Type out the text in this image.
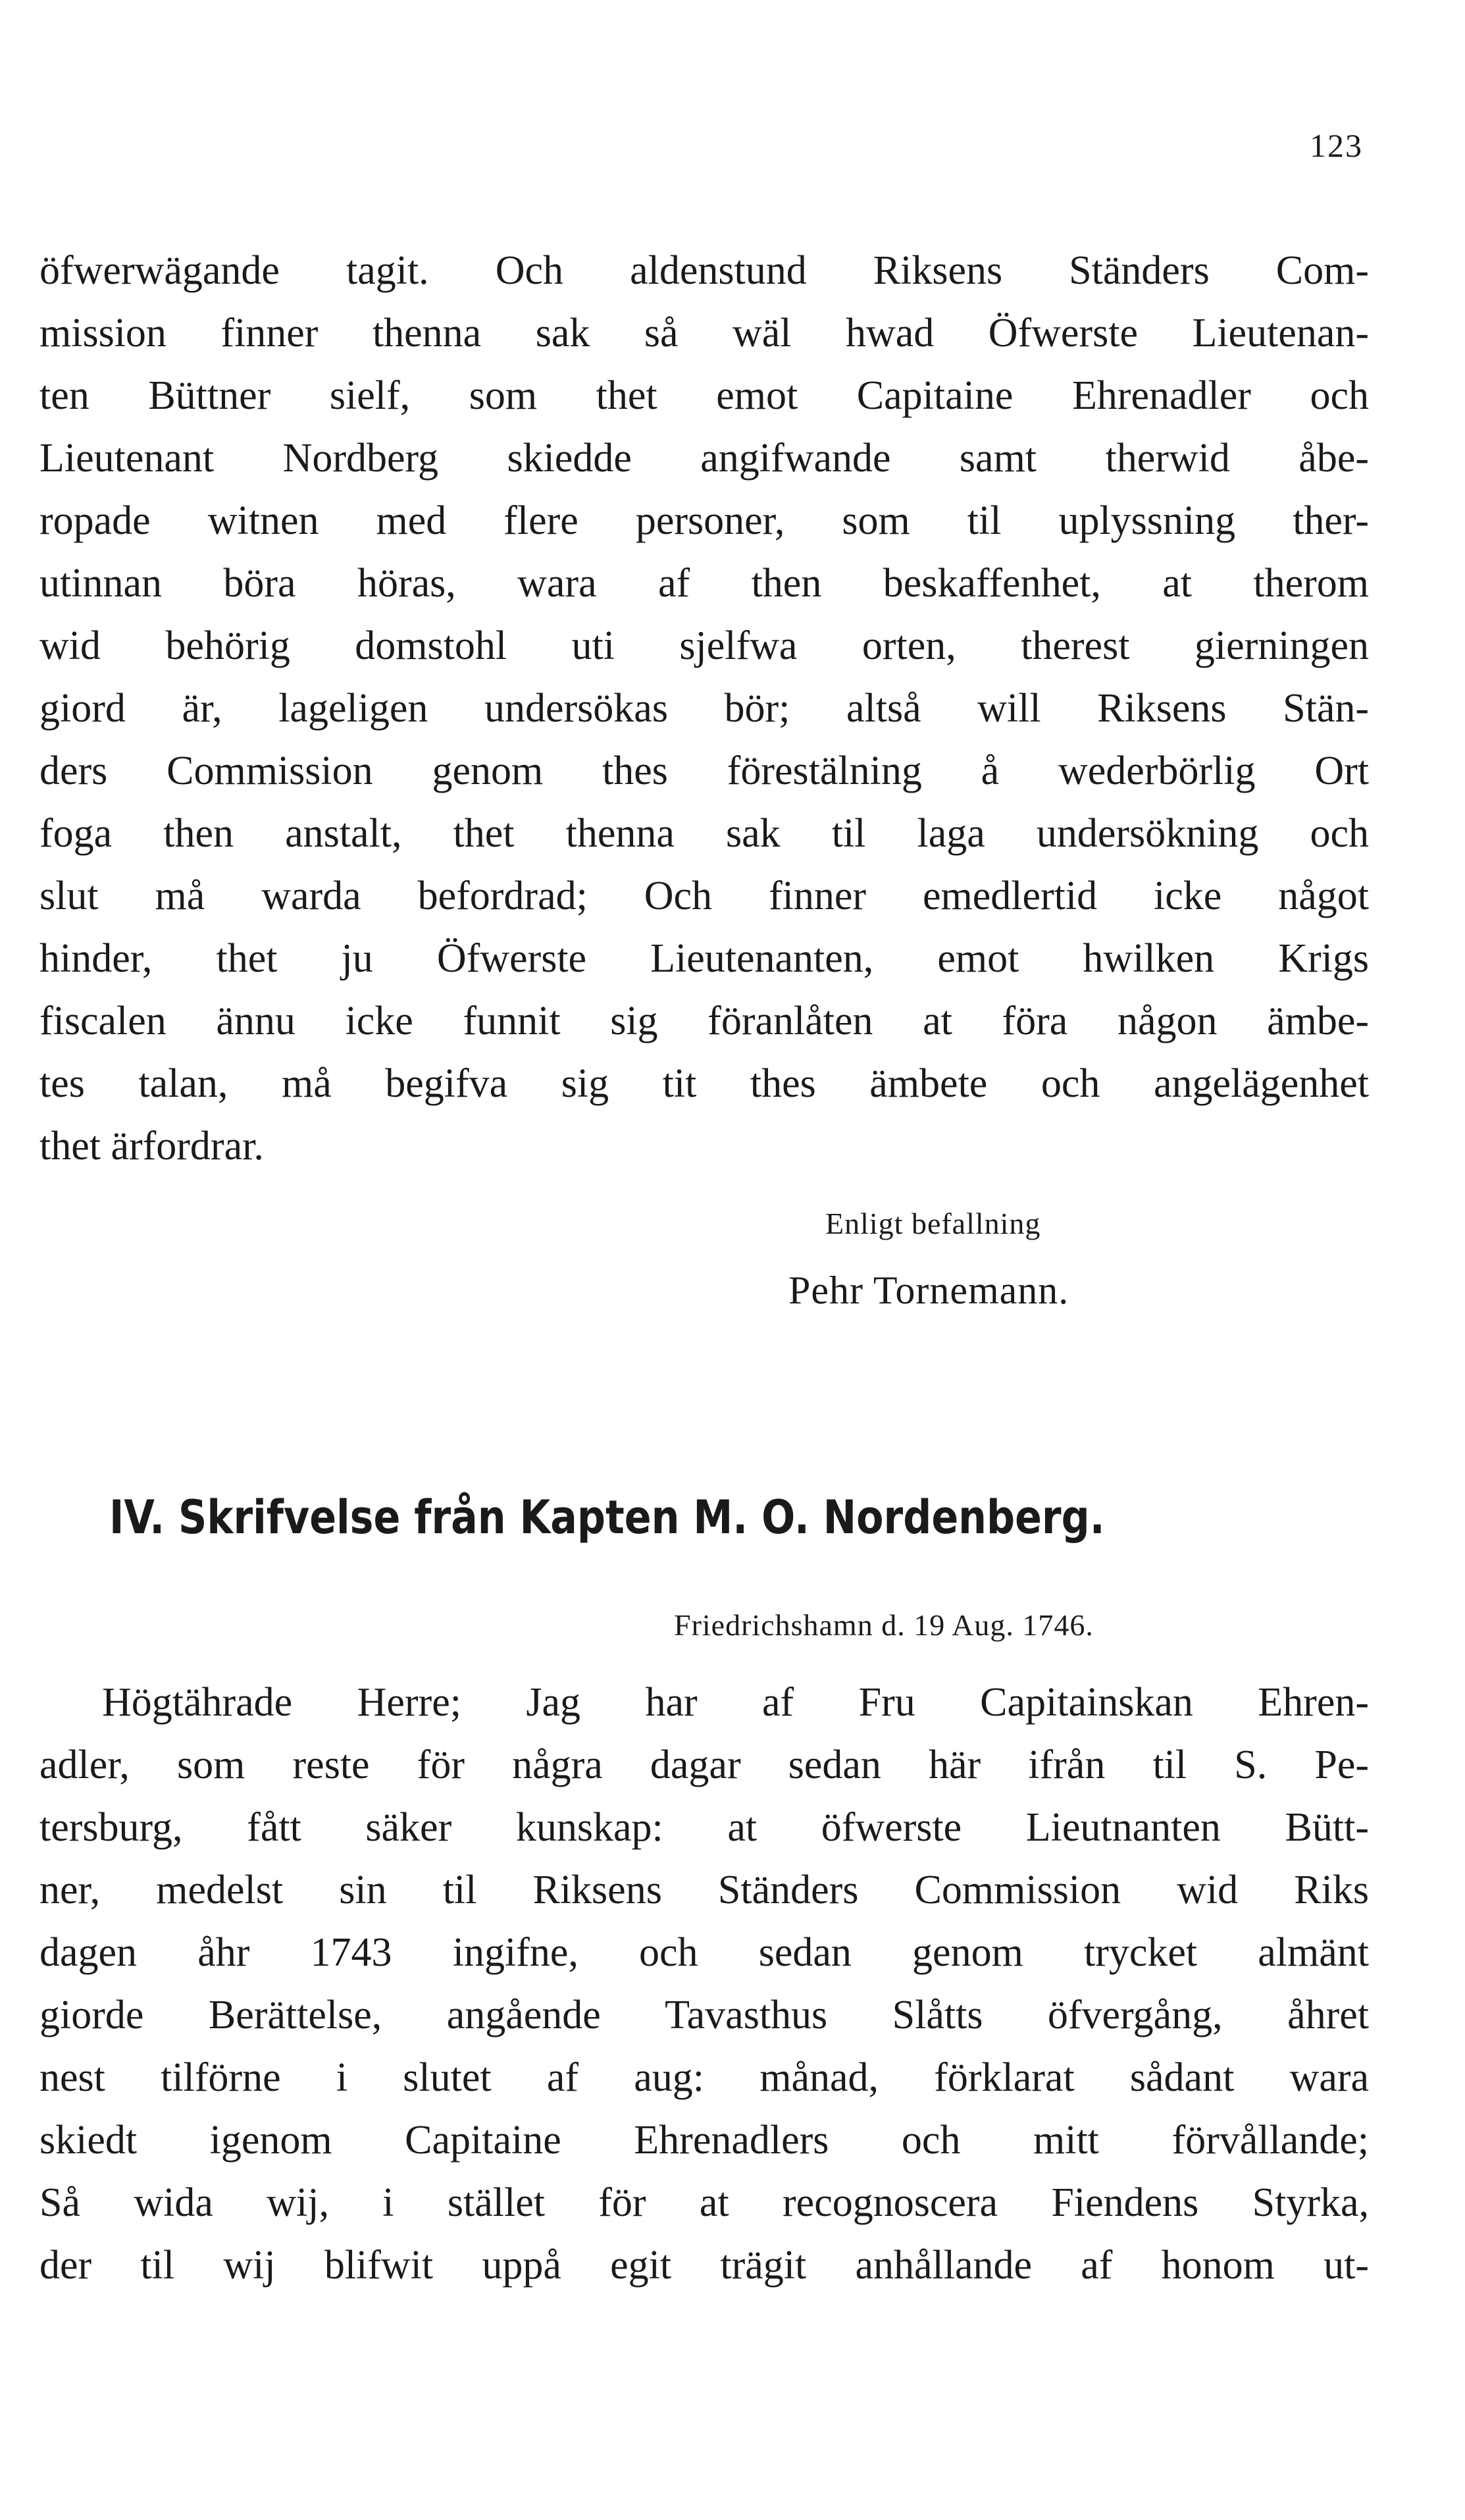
123
öfwerwägande tagit. Och aldenstund Riksens Ständers Com-
mission finner thenna sak så wäl hwad Öfwerste Lieutenan-
ten Büttner sielf, som thet emot Capitaine Ehrenadler och
Lieutenant Nordberg skiedde angifwande samt therwid åbe-
ropade witnen med flere personer, som til uplyssning ther-
utinnan böra höras, wara af then beskaffenhet, at therom
wid behörig domstohl uti sjelfwa orten, therest gierningen
giord är, lageligen undersökas bör; altså will Riksens Stän-
ders Commission genom thes förestälning å wederbörlig Ort
foga then anstalt, thet thenna sak til laga undersökning och
slut må warda befordrad; Och finner emedlertid icke något
hinder, thet ju Öfwerste Lieutenanten, emot hwilken Krigs
fiscalen ännu icke funnit sig föranlåten at föra någon ämbe-
tes talan, må begifva sig tit thes ämbete och angelägenhet
thet ärfordrar.
Enligt befallning
Pehr Tornemann.
IV. Skrifvelse från Kapten M. O. Nordenberg.
Friedrichshamn d. 19 Aug. 1746.
Högtährade Herre; Jag har af Fru Capitainskan Ehren-
adler, som reste för några dagar sedan här ifrån til S. Pe-
tersburg, fått säker kunskap: at öfwerste Lieutnanten Bütt-
ner, medelst sin til Riksens Ständers Commission wid Riks
dagen åhr 1743 ingifne, och sedan genom trycket almänt
giorde Berättelse, angående Tavasthus Slåtts öfvergång, åhret
nest tilförne i slutet af aug: månad, förklarat sådant wara
skiedt igenom Capitaine Ehrenadlers och mitt förvållande;
Så wida wij, i stället för at recognoscera Fiendens Styrka,
der til wij blifwit uppå egit trägit anhållande af honom ut-
